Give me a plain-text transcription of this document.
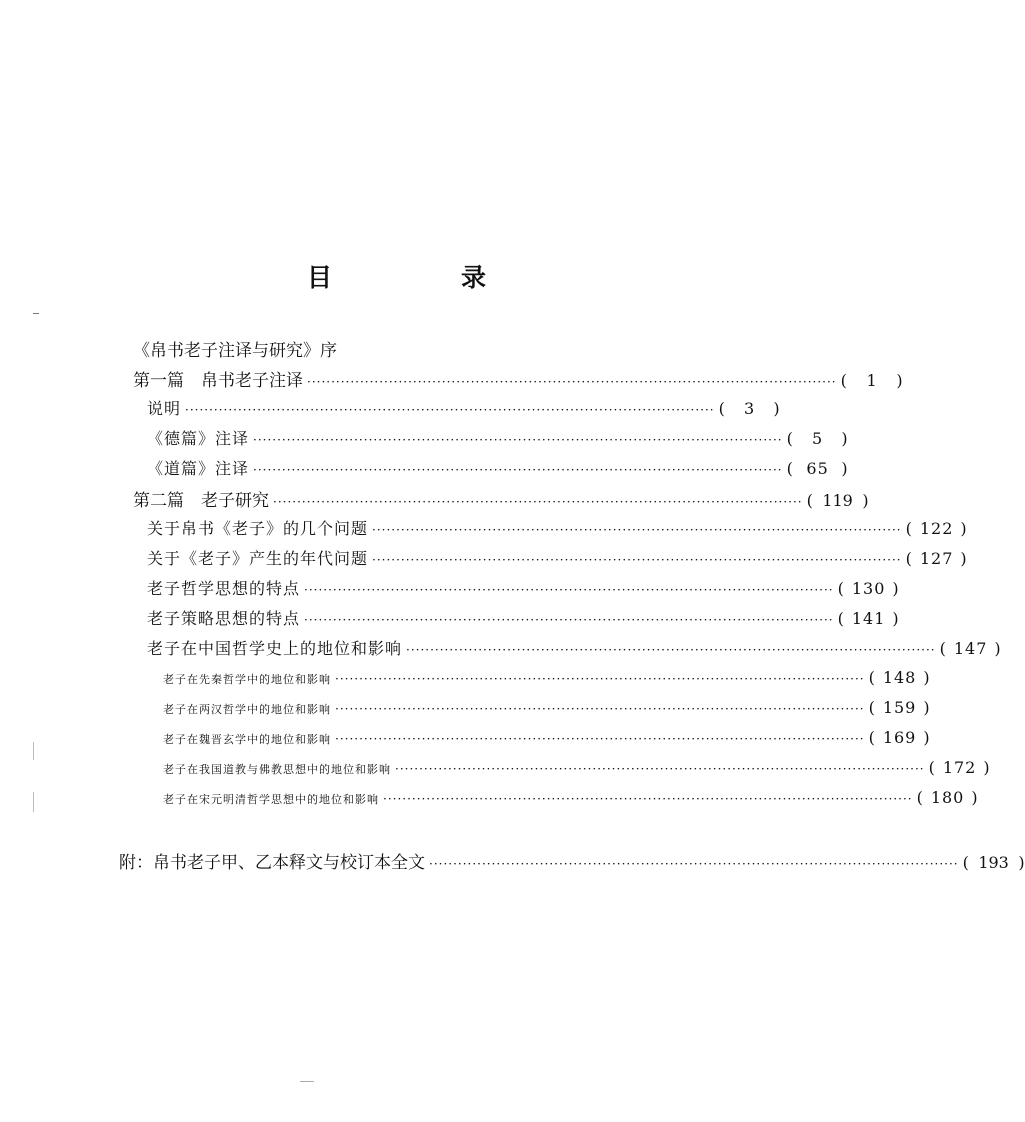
目　录
《帛书老子注译与研究》序
第一篇　帛书老子注译 ·············································································································· (	1	)
说明 ·············································································································· (	3	)
《德篇》注译 ·············································································································· (	5	)
《道篇》注译 ·············································································································· ( 65 )
第二篇　老子研究 ·············································································································· ( 119 )
关于帛书《老子》的几个问题 ·············································································································· ( 122 )
关于《老子》产生的年代问题 ·············································································································· ( 127 )
老子哲学思想的特点 ·············································································································· ( 130 )
老子策略思想的特点 ·············································································································· ( 141 )
老子在中国哲学史上的地位和影响 ·············································································································· ( 147 )
老子在先秦哲学中的地位和影响 ·············································································································· ( 148 )
老子在两汉哲学中的地位和影响 ·············································································································· ( 159 )
老子在魏晋玄学中的地位和影响 ·············································································································· ( 169 )
老子在我国道教与佛教思想中的地位和影响 ·············································································································· ( 172 )
老子在宋元明清哲学思想中的地位和影响 ·············································································································· ( 180 )
附：帛书老子甲、乙本释文与校订本全文 ·············································································································· ( 193 )
